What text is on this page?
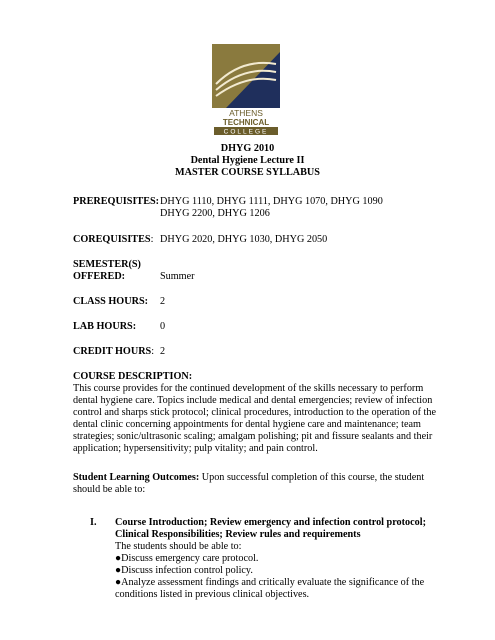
ATHENS
TECHNICAL
COLLEGE
DHYG 2010
Dental Hygiene Lecture II
MASTER COURSE SYLLABUS
PREREQUISITES: DHYG 1110, DHYG 1111, DHYG 1070, DHYG 1090
DHYG 2200, DHYG 1206
COREQUISITES: DHYG 2020, DHYG 1030, DHYG 2050
SEMESTER(S)
OFFERED:	Summer
CLASS HOURS: 2
LAB HOURS: 0
CREDIT HOURS: 2
COURSE DESCRIPTION:
This course provides for the continued development of the skills necessary to perform
dental hygiene care. Topics include medical and dental emergencies; review of infection
control and sharps stick protocol; clinical procedures, introduction to the operation of the
dental clinic concerning appointments for dental hygiene care and maintenance; team
strategies; sonic/ultrasonic scaling; amalgam polishing; pit and fissure sealants and their
application; hypersensitivity; pulp vitality; and pain control.
Student Learning Outcomes: Upon successful completion of this course, the student
should be able to:
I. Course Introduction; Review emergency and infection control protocol;
Clinical Responsibilities; Review rules and requirements
The students should be able to:
●Discuss emergency care protocol.
●Discuss infection control policy.
●Analyze assessment findings and critically evaluate the significance of the
conditions listed in previous clinical objectives.
